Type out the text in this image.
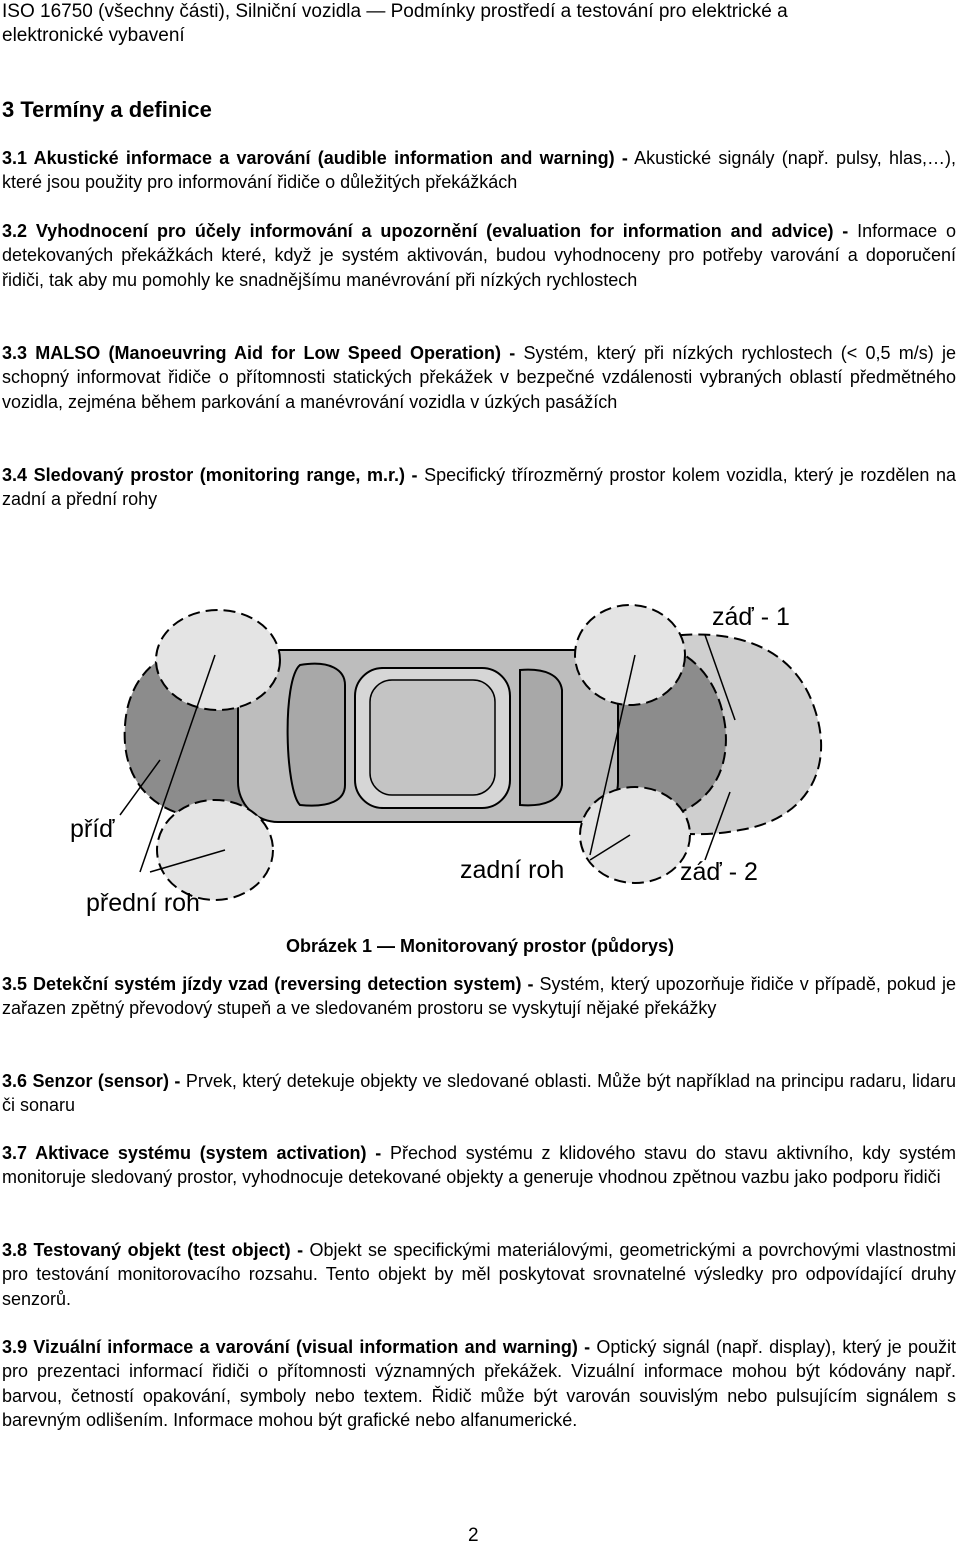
ISO 16750 (všechny části), Silniční vozidla — Podmínky prostředí a testování pro elektrické a
elektronické vybavení
3 Termíny a definice
3.1 Akustické informace a varování (audible information and warning) - Akustické signály (např. pulsy, hlas,…), které jsou použity pro informování řidiče o důležitých překážkách
3.2 Vyhodnocení pro účely informování a upozornění (evaluation for information and advice) - Informace o detekovaných překážkách které, když je systém aktivován, budou vyhodnoceny pro potřeby varování a doporučení řidiči, tak aby mu pomohly ke snadnějšímu manévrování při nízkých rychlostech
3.3 MALSO (Manoeuvring Aid for Low Speed Operation) - Systém, který při nízkých rychlostech (< 0,5 m/s) je schopný informovat řidiče o přítomnosti statických překážek v bezpečné vzdálenosti vybraných oblastí předmětného vozidla, zejména během parkování a manévrování vozidla v úzkých pasážích
3.4 Sledovaný prostor (monitoring range, m.r.) - Specifický třírozměrný prostor kolem vozidla, který je rozdělen na zadní a přední rohy
záď - 1
příď
zadní roh	záď - 2
přední roh
Obrázek 1 — Monitorovaný prostor (půdorys)
3.5 Detekční systém jízdy vzad (reversing detection system) - Systém, který upozorňuje řidiče v případě, pokud je zařazen zpětný převodový stupeň a ve sledovaném prostoru se vyskytují nějaké překážky
3.6 Senzor (sensor) - Prvek, který detekuje objekty ve sledované oblasti. Může být například na principu radaru, lidaru či sonaru
3.7 Aktivace systému (system activation) - Přechod systému z klidového stavu do stavu aktivního, kdy systém monitoruje sledovaný prostor, vyhodnocuje detekované objekty a generuje vhodnou zpětnou vazbu jako podporu řidiči
3.8 Testovaný objekt (test object) - Objekt se specifickými materiálovými, geometrickými a povrchovými vlastnostmi pro testování monitorovacího rozsahu. Tento objekt by měl poskytovat srovnatelné výsledky pro odpovídající druhy senzorů.
3.9 Vizuální informace a varování (visual information and warning) - Optický signál (např. display), který je použit pro prezentaci informací řidiči o přítomnosti významných překážek. Vizuální informace mohou být kódovány např. barvou, četností opakování, symboly nebo textem. Řidič může být varován souvislým nebo pulsujícím signálem s barevným odlišením. Informace mohou být grafické nebo alfanumerické.
2
